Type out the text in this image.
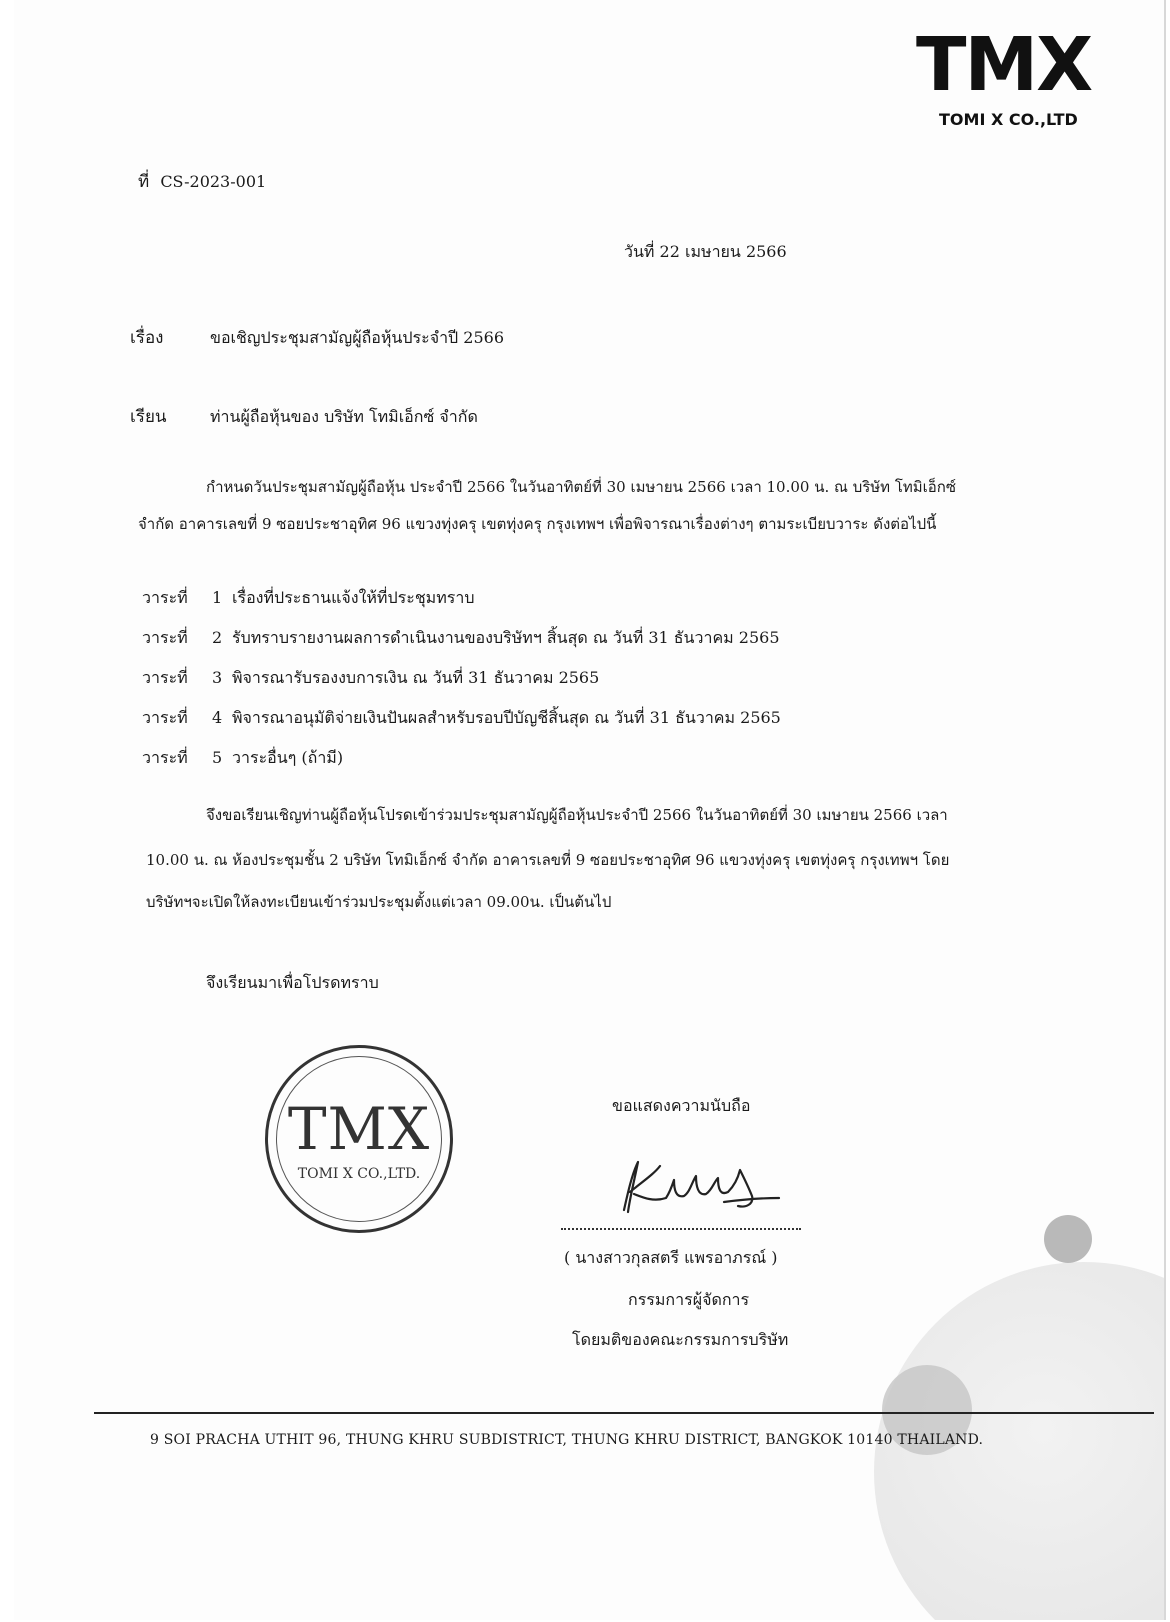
TMX
TOMI X CO.,LTD
ที่ CS-2023-001
วันที่ 22 เมษายน 2566
เรื่อง	ขอเชิญประชุมสามัญผู้ถือหุ้นประจำปี 2566
เรียน	ท่านผู้ถือหุ้นของ บริษัท โทมิเอ็กซ์ จำกัด
กำหนดวันประชุมสามัญผู้ถือหุ้น ประจำปี 2566 ในวันอาทิตย์ที่ 30 เมษายน 2566 เวลา 10.00 น. ณ บริษัท โทมิเอ็กซ์
จำกัด อาคารเลขที่ 9 ซอยประชาอุทิศ 96 แขวงทุ่งครุ เขตทุ่งครุ กรุงเทพฯ เพื่อพิจารณาเรื่องต่างๆ ตามระเบียบวาระ ดังต่อไปนี้
วาระที่ 1 เรื่องที่ประธานแจ้งให้ที่ประชุมทราบ
วาระที่ 2 รับทราบรายงานผลการดำเนินงานของบริษัทฯ สิ้นสุด ณ วันที่ 31 ธันวาคม 2565
วาระที่ 3 พิจารณารับรองงบการเงิน ณ วันที่ 31 ธันวาคม 2565
วาระที่ 4 พิจารณาอนุมัติจ่ายเงินปันผลสำหรับรอบปีบัญชีสิ้นสุด ณ วันที่ 31 ธันวาคม 2565
วาระที่ 5 วาระอื่นๆ (ถ้ามี)
จึงขอเรียนเชิญท่านผู้ถือหุ้นโปรดเข้าร่วมประชุมสามัญผู้ถือหุ้นประจำปี 2566 ในวันอาทิตย์ที่ 30 เมษายน 2566 เวลา
10.00 น. ณ ห้องประชุมชั้น 2 บริษัท โทมิเอ็กซ์ จำกัด อาคารเลขที่ 9 ซอยประชาอุทิศ 96 แขวงทุ่งครุ เขตทุ่งครุ กรุงเทพฯ โดย
บริษัทฯจะเปิดให้ลงทะเบียนเข้าร่วมประชุมตั้งแต่เวลา 09.00น. เป็นต้นไป
จึงเรียนมาเพื่อโปรดทราบ
TMX
TOMI X CO.,LTD.
ขอแสดงความนับถือ
( นางสาวกุลสตรี แพรอาภรณ์ )
กรรมการผู้จัดการ
โดยมติของคณะกรรมการบริษัท
9 SOI PRACHA UTHIT 96, THUNG KHRU SUBDISTRICT, THUNG KHRU DISTRICT, BANGKOK 10140 THAILAND.
